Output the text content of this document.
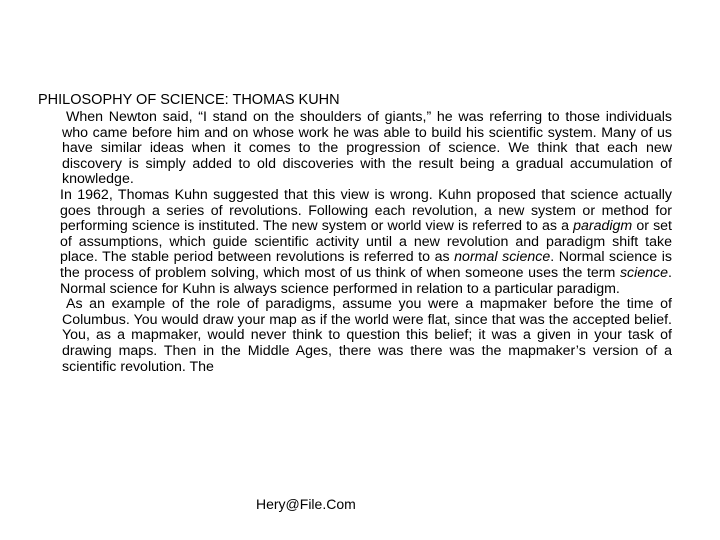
PHILOSOPHY OF SCIENCE: THOMAS KUHN

When Newton said, “I stand on the shoulders of giants,” he was referring to those individuals who came before him and on whose work he was able to build his scientific system. Many of us have similar ideas when it comes to the progression of science. We think that each new discovery is simply added to old discoveries with the result being a gradual accumulation of knowledge.

In 1962, Thomas Kuhn suggested that this view is wrong. Kuhn proposed that science actually goes through a series of revolutions. Following each revolution, a new system or method for performing science is instituted. The new system or world view is referred to as a paradigm or set of assumptions, which guide scientific activity until a new revolution and paradigm shift take place. The stable period between revolutions is referred to as normal science. Normal science is the process of problem solving, which most of us think of when someone uses the term science. Normal science for Kuhn is always science performed in relation to a particular paradigm.

As an example of the role of paradigms, assume you were a mapmaker before the time of Columbus. You would draw your map as if the world were flat, since that was the accepted belief. You, as a mapmaker, would never think to question this belief; it was a given in your task of drawing maps. Then in the Middle Ages, there was there was the mapmaker’s version of a scientific revolution. The

Hery@File.Com
